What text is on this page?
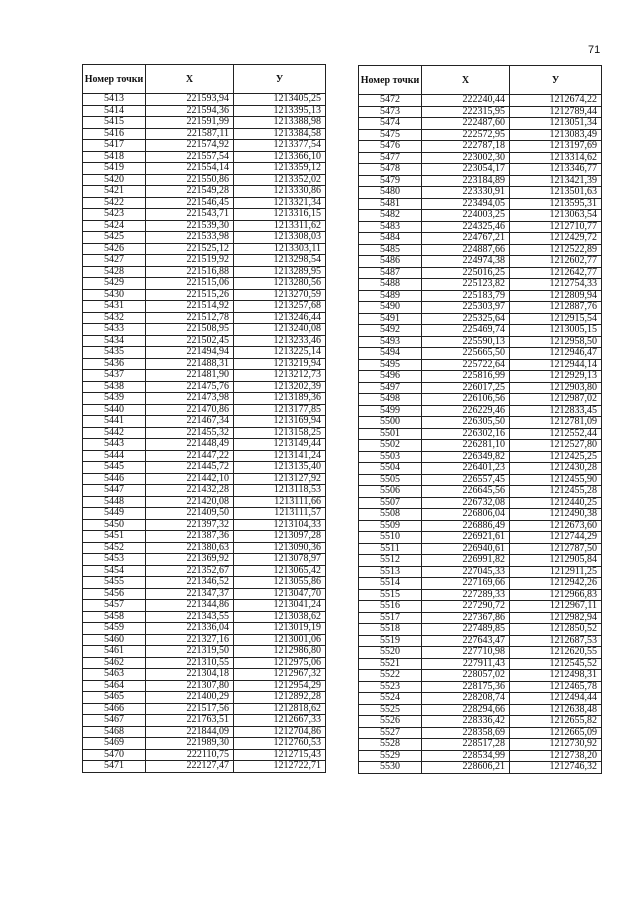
71
Номер точки	X	У
5413	221593,94	1213405,25
5414	221594,36	1213395,13
5415	221591,99	1213388,98
5416	221587,11	1213384,58
5417	221574,92	1213377,54
5418	221557,54	1213366,10
5419	221554,14	1213359,12
5420	221550,86	1213352,02
5421	221549,28	1213330,86
5422	221546,45	1213321,34
5423	221543,71	1213316,15
5424	221539,30	1213311,62
5425	221533,98	1213308,03
5426	221525,12	1213303,11
5427	221519,92	1213298,54
5428	221516,88	1213289,95
5429	221515,06	1213280,56
5430	221515,26	1213270,59
5431	221514,92	1213257,68
5432	221512,78	1213246,44
5433	221508,95	1213240,08
5434	221502,45	1213233,46
5435	221494,94	1213225,14
5436	221488,31	1213219,94
5437	221481,90	1213212,73
5438	221475,76	1213202,39
5439	221473,98	1213189,36
5440	221470,86	1213177,85
5441	221467,34	1213169,94
5442	221455,32	1213158,25
5443	221448,49	1213149,44
5444	221447,22	1213141,24
5445	221445,72	1213135,40
5446	221442,10	1213127,92
5447	221432,28	1213118,53
5448	221420,08	1213111,66
5449	221409,50	1213111,57
5450	221397,32	1213104,33
5451	221387,36	1213097,28
5452	221380,63	1213090,36
5453	221369,92	1213078,97
5454	221352,67	1213065,42
5455	221346,52	1213055,86
5456	221347,37	1213047,70
5457	221344,86	1213041,24
5458	221343,55	1213038,62
5459	221336,04	1213019,19
5460	221327,16	1213001,06
5461	221319,50	1212986,80
5462	221310,55	1212975,06
5463	221304,18	1212967,32
5464	221307,80	1212954,29
5465	221400,29	1212892,28
5466	221517,56	1212818,62
5467	221763,51	1212667,33
5468	221844,09	1212704,86
5469	221989,30	1212760,53
5470	222110,75	1212715,43
5471	222127,47	1212722,71
Номер точки	X	У
5472	222240,44	1212674,22
5473	222315,95	1212789,44
5474	222487,60	1213051,34
5475	222572,95	1213083,49
5476	222787,18	1213197,69
5477	223002,30	1213314,62
5478	223054,17	1213346,77
5479	223184,89	1213421,39
5480	223330,91	1213501,63
5481	223494,05	1213595,31
5482	224003,25	1213063,54
5483	224325,46	1212710,77
5484	224767,21	1212429,72
5485	224887,66	1212522,89
5486	224974,38	1212602,77
5487	225016,25	1212642,77
5488	225123,82	1212754,33
5489	225183,79	1212809,94
5490	225303,97	1212887,76
5491	225325,64	1212915,54
5492	225469,74	1213005,15
5493	225590,13	1212958,50
5494	225665,50	1212946,47
5495	225722,64	1212944,14
5496	225816,99	1212929,13
5497	226017,25	1212903,80
5498	226106,56	1212987,02
5499	226229,46	1212833,45
5500	226305,50	1212781,09
5501	226302,16	1212552,44
5502	226281,10	1212527,80
5503	226349,82	1212425,25
5504	226401,23	1212430,28
5505	226557,45	1212455,90
5506	226645,56	1212455,28
5507	226732,08	1212440,25
5508	226806,04	1212490,38
5509	226886,49	1212673,60
5510	226921,61	1212744,29
5511	226940,61	1212787,50
5512	226991,82	1212905,84
5513	227045,33	1212911,25
5514	227169,66	1212942,26
5515	227289,33	1212966,83
5516	227290,72	1212967,11
5517	227367,86	1212982,94
5518	227489,85	1212850,52
5519	227643,47	1212687,53
5520	227710,98	1212620,55
5521	227911,43	1212545,52
5522	228057,02	1212498,31
5523	228175,36	1212465,78
5524	228208,74	1212494,44
5525	228294,66	1212638,48
5526	228336,42	1212655,82
5527	228358,69	1212665,09
5528	228517,28	1212730,92
5529	228534,99	1212738,20
5530	228606,21	1212746,32
